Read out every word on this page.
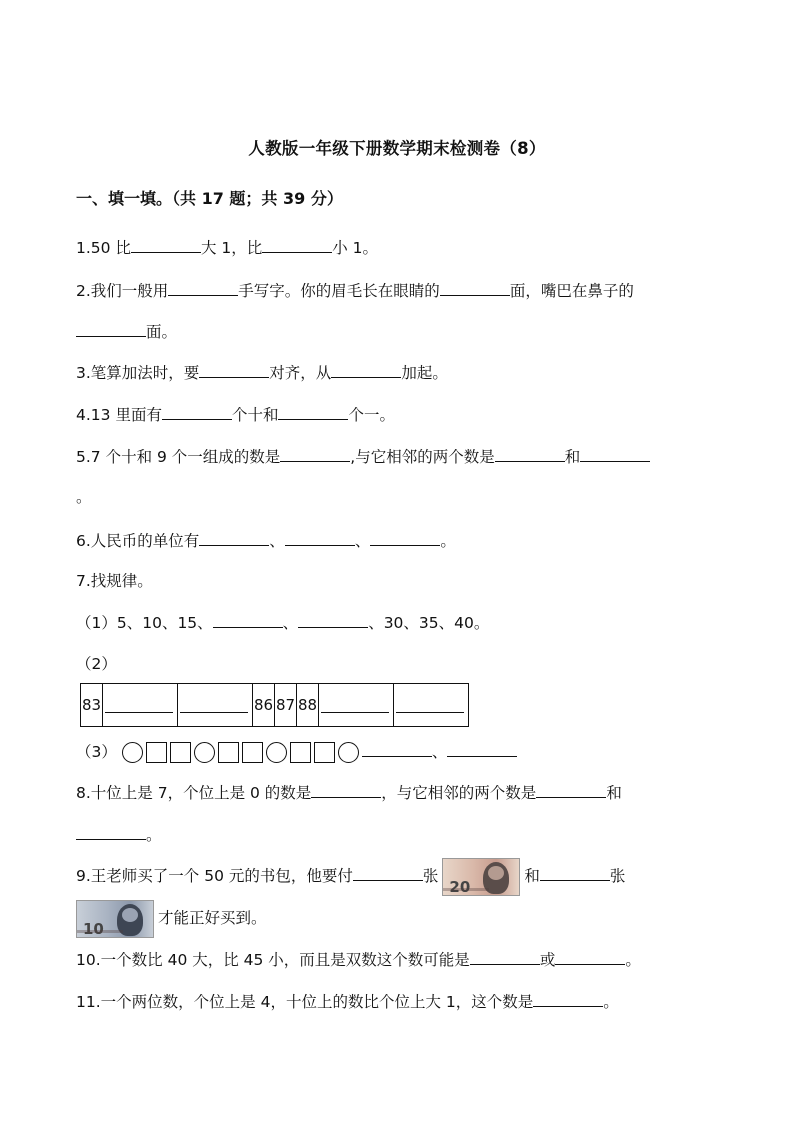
人教版一年级下册数学期末检测卷（8）
一、填一填。（共 17 题；共 39 分）
1.50 比	大 1，比	小 1。
2.我们一般用	手写字。你的眉毛长在眼睛的	面，嘴巴在鼻子的
面。
3.笔算加法时，要	对齐，从	加起。
4.13 里面有	个十和	个一。
5.7 个十和 9 个一组成的数是	,与它相邻的两个数是	和
。
6.人民币的单位有	、	、	。
7.找规律。
（1）5、10、15、	、	、30、35、40。
（2）
83			86	87	88		
（3）	、
8.十位上是 7，个位上是 0 的数是	，与它相邻的两个数是	和
。
9.王老师买了一个 50 元的书包，他要付	张
20
和	张
10
才能正好买到。
10.一个数比 40 大，比 45 小，而且是双数这个数可能是	或	。
11.一个两位数，个位上是 4，十位上的数比个位上大 1，这个数是	。
